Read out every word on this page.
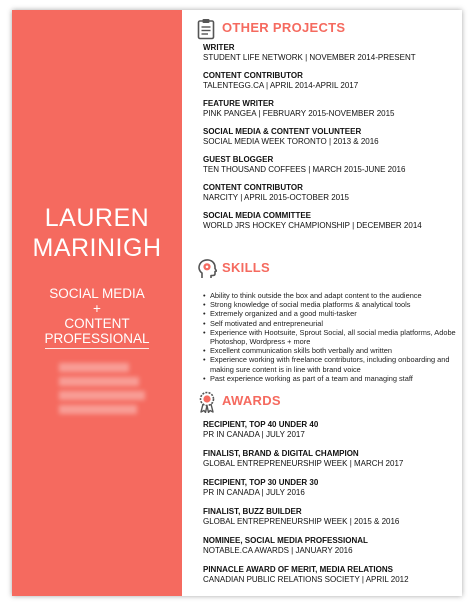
LAUREN
MARINIGH
SOCIAL MEDIA
+
CONTENT
PROFESSIONAL
OTHER PROJECTS
WRITER
STUDENT LIFE NETWORK | NOVEMBER 2014-PRESENT
CONTENT CONTRIBUTOR
TALENTEGG.CA | APRIL 2014-APRIL 2017
FEATURE WRITER
PINK PANGEA | FEBRUARY 2015-NOVEMBER 2015
SOCIAL MEDIA & CONTENT VOLUNTEER
SOCIAL MEDIA WEEK TORONTO | 2013 & 2016
GUEST BLOGGER
TEN THOUSAND COFFEES | MARCH 2015-JUNE 2016
CONTENT CONTRIBUTOR
NARCITY | APRIL 2015-OCTOBER 2015
SOCIAL MEDIA COMMITTEE
WORLD JRS HOCKEY CHAMPIONSHIP | DECEMBER 2014
SKILLS
• Ability to think outside the box and adapt content to the audience
• Strong knowledge of social media platforms & analytical tools
• Extremely organized and a good multi-tasker
• Self motivated and entrepreneurial
• Experience with Hootsuite, Sprout Social, all social media platforms, Adobe Photoshop, Wordpress + more
• Excellent communication skills both verbally and written
• Experience working with freelance contributors, including onboarding and making sure content is in line with brand voice
• Past experience working as part of a team and managing staff
AWARDS
RECIPIENT, TOP 40 UNDER 40
PR IN CANADA | JULY 2017
FINALIST, BRAND & DIGITAL CHAMPION
GLOBAL ENTREPRENEURSHIP WEEK | MARCH 2017
RECIPIENT, TOP 30 UNDER 30
PR IN CANADA | JULY 2016
FINALIST, BUZZ BUILDER
GLOBAL ENTREPRENEURSHIP WEEK | 2015 & 2016
NOMINEE, SOCIAL MEDIA PROFESSIONAL
NOTABLE.CA AWARDS | JANUARY 2016
PINNACLE AWARD OF MERIT, MEDIA RELATIONS
CANADIAN PUBLIC RELATIONS SOCIETY | APRIL 2012
